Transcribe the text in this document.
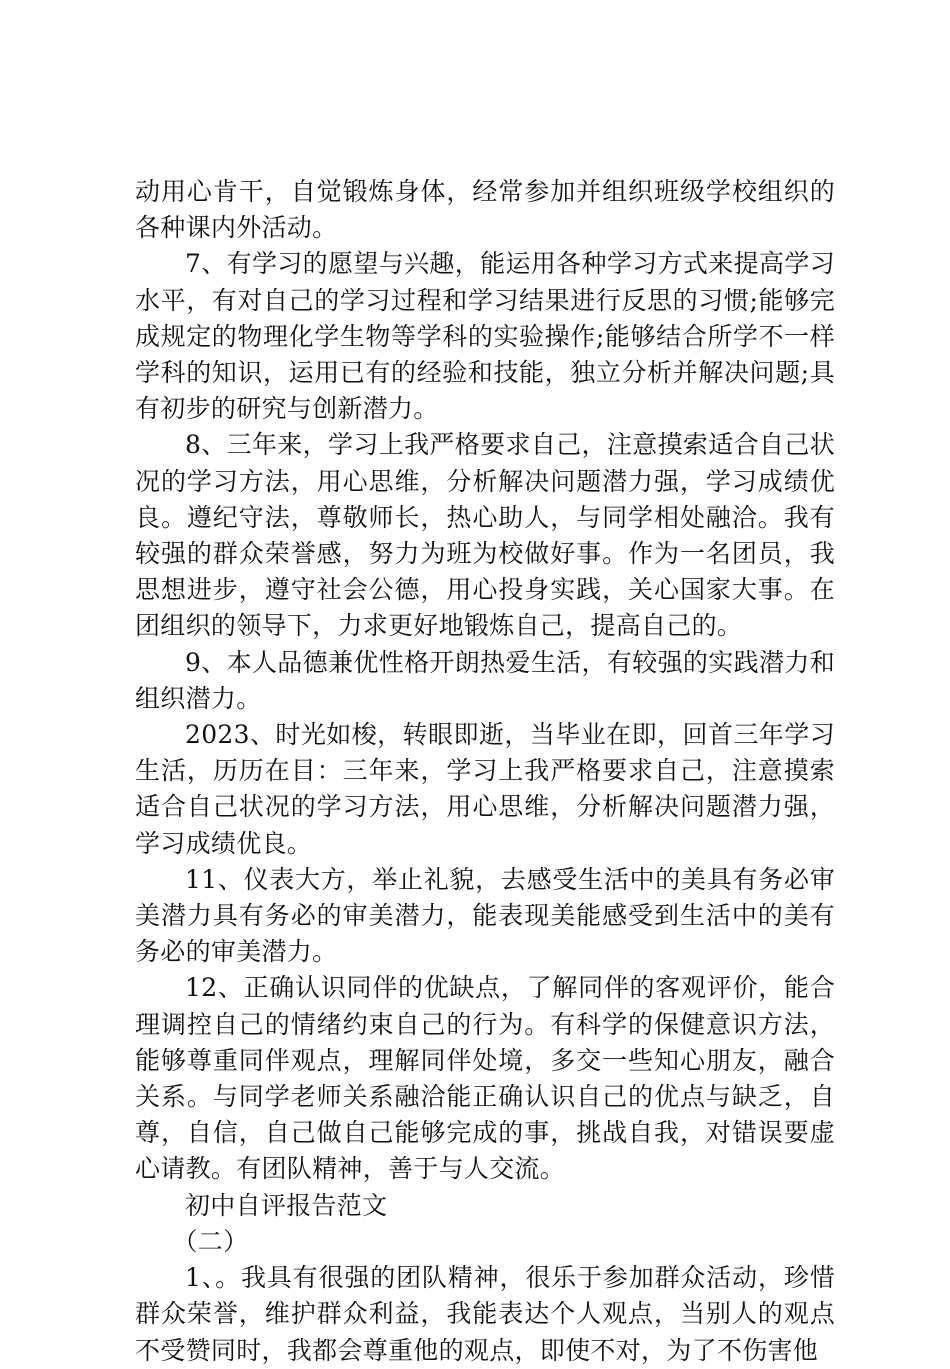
动用心肯干，自觉锻炼身体，经常参加并组织班级学校组织的各种课内外活动。

7、有学习的愿望与兴趣，能运用各种学习方式来提高学习水平，有对自己的学习过程和学习结果进行反思的习惯;能够完成规定的物理化学生物等学科的实验操作;能够结合所学不一样学科的知识，运用已有的经验和技能，独立分析并解决问题;具有初步的研究与创新潜力。

8、三年来，学习上我严格要求自己，注意摸索适合自己状况的学习方法，用心思维，分析解决问题潜力强，学习成绩优良。遵纪守法，尊敬师长，热心助人，与同学相处融洽。我有较强的群众荣誉感，努力为班为校做好事。作为一名团员，我思想进步，遵守社会公德，用心投身实践，关心国家大事。在团组织的领导下，力求更好地锻炼自己，提高自己的。

9、本人品德兼优性格开朗热爱生活，有较强的实践潜力和组织潜力。

2023、时光如梭，转眼即逝，当毕业在即，回首三年学习生活，历历在目：三年来，学习上我严格要求自己，注意摸索适合自己状况的学习方法，用心思维，分析解决问题潜力强，学习成绩优良。

11、仪表大方，举止礼貌，去感受生活中的美具有务必审美潜力具有务必的审美潜力，能表现美能感受到生活中的美有务必的审美潜力。

12、正确认识同伴的优缺点，了解同伴的客观评价，能合理调控自己的情绪约束自己的行为。有科学的保健意识方法，能够尊重同伴观点，理解同伴处境，多交一些知心朋友，融合关系。与同学老师关系融洽能正确认识自己的优点与缺乏，自尊，自信，自己做自己能够完成的事，挑战自我，对错误要虚心请教。有团队精神，善于与人交流。

初中自评报告范文

（二）

1、。我具有很强的团队精神，很乐于参加群众活动，珍惜群众荣誉，维护群众利益，我能表达个人观点，当别人的观点不受赞同时，我都会尊重他的观点，即使不对，为了不伤害他
